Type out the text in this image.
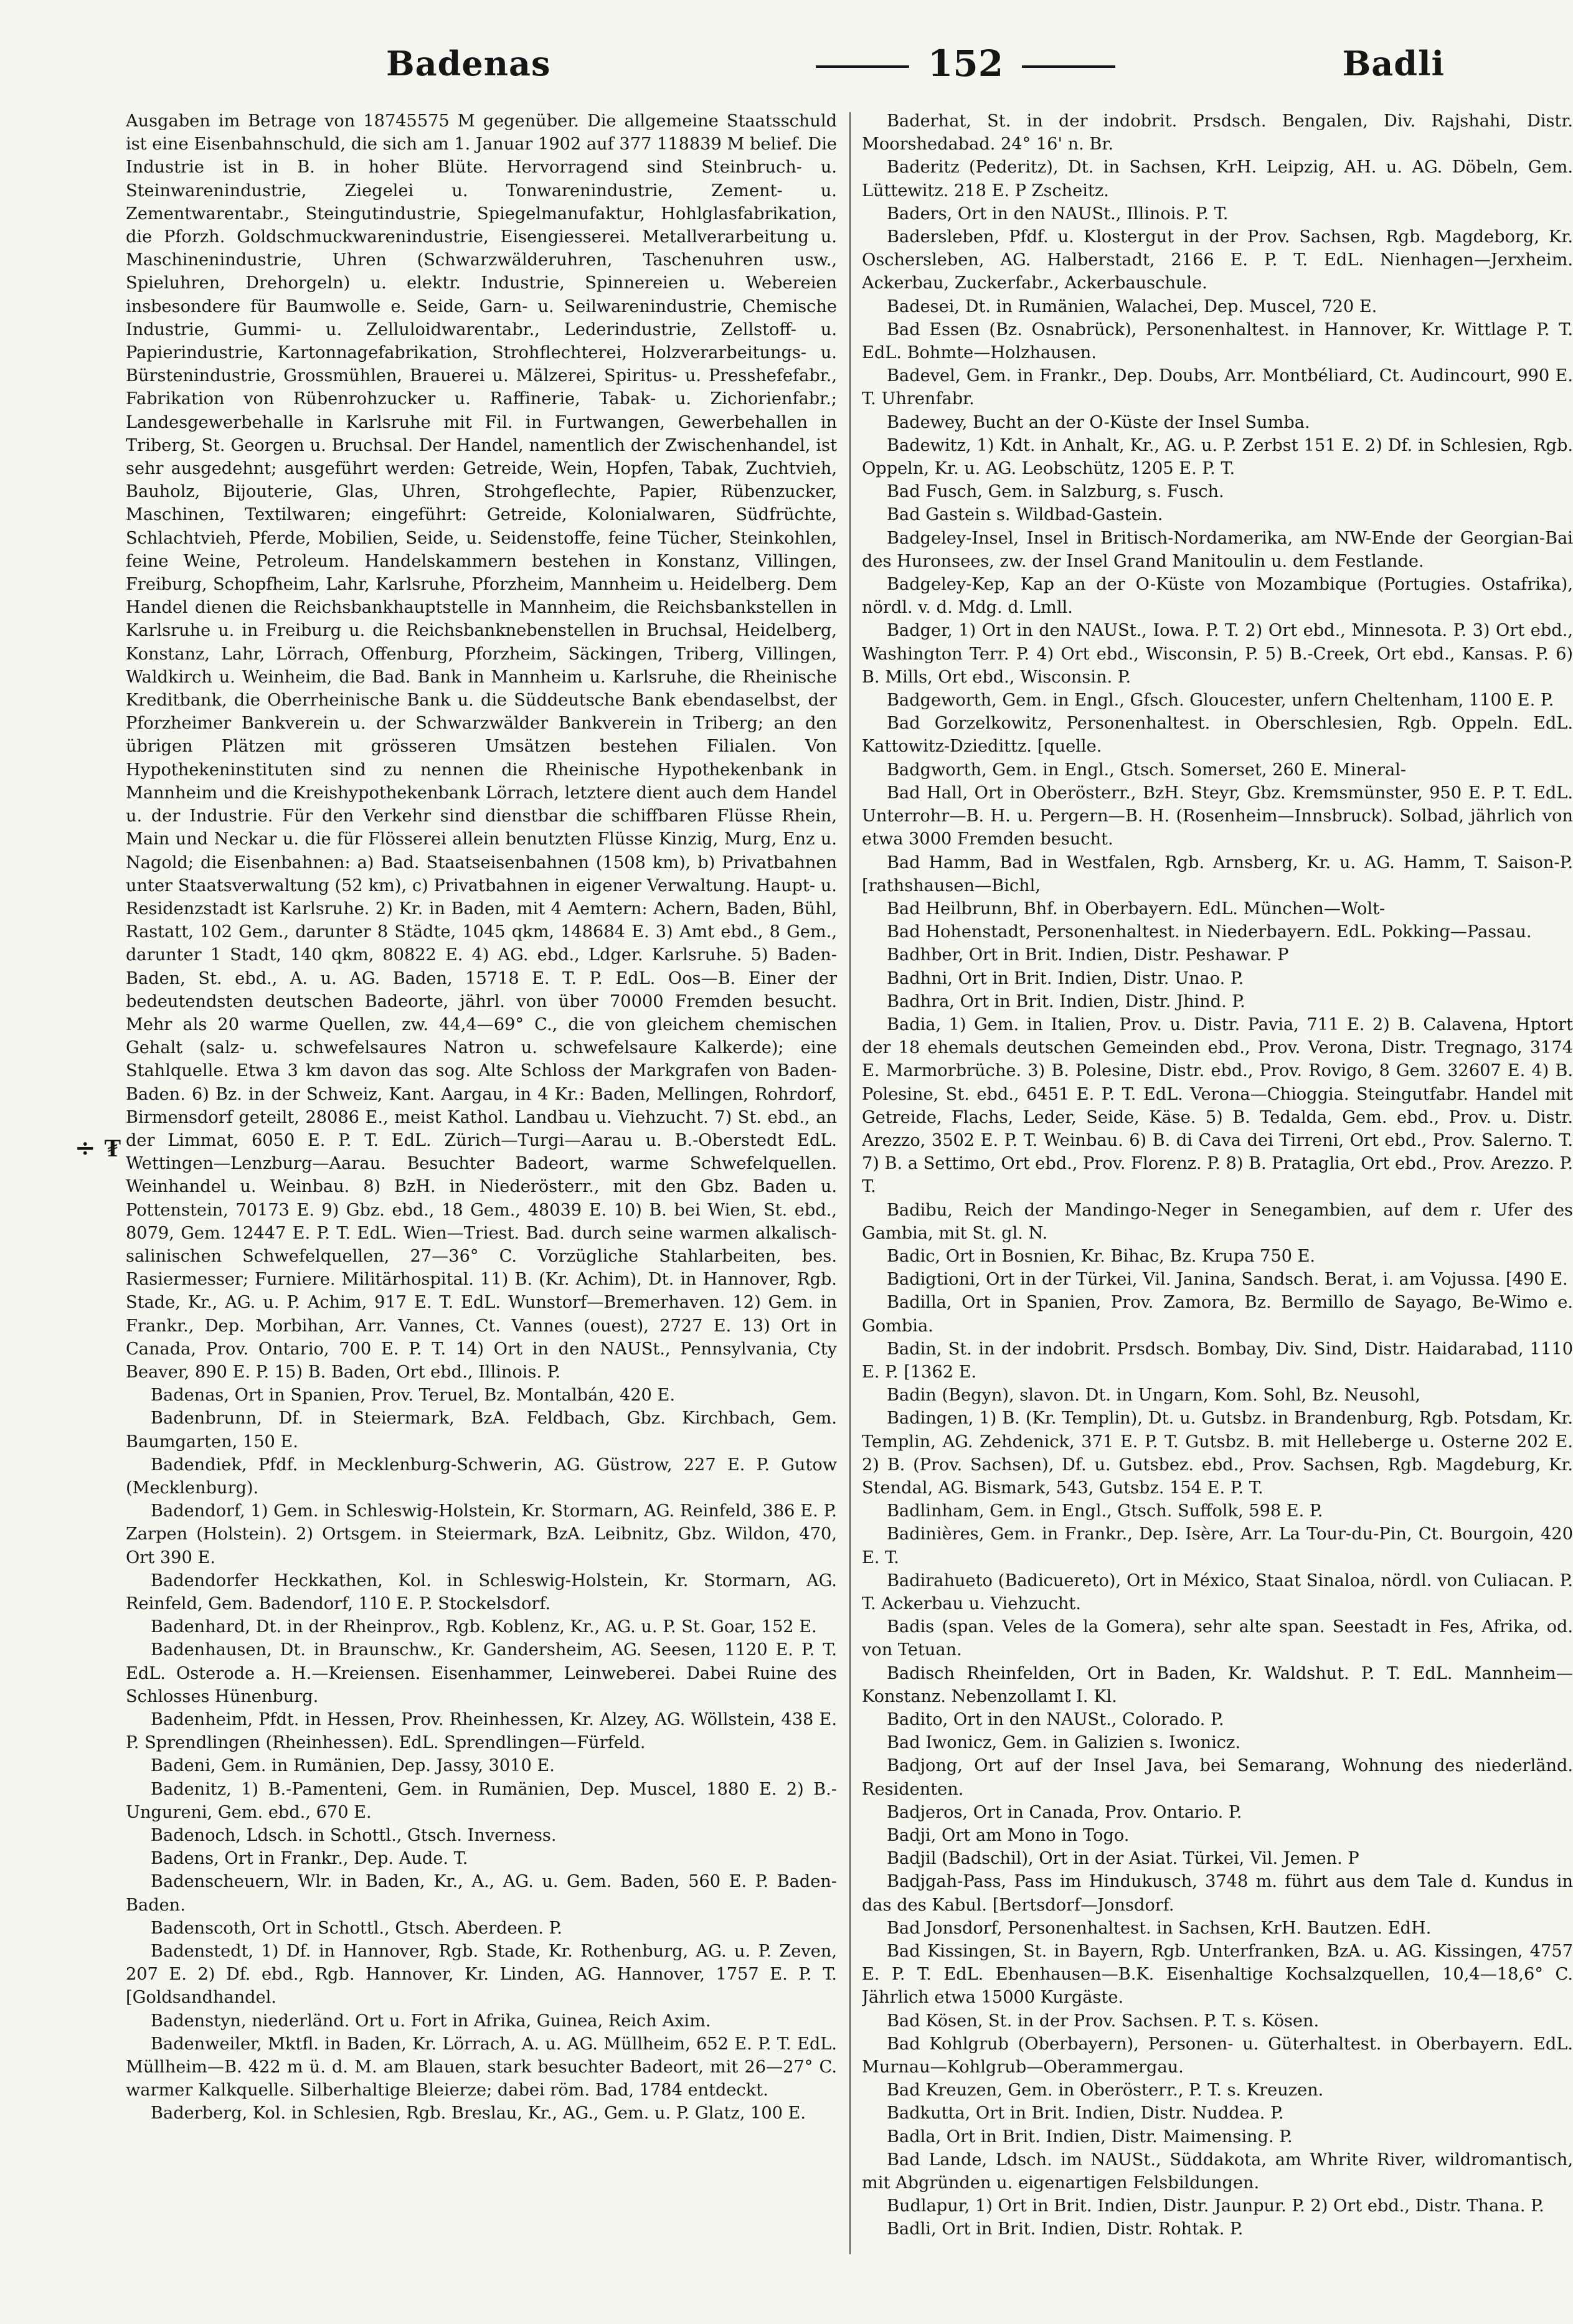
Badenas	152	Badli
÷ ₮

Ausgaben im Betrage von 18745575 M gegenüber. Die allgemeine Staatsschuld ist eine Eisenbahnschuld, die sich am 1. Januar 1902 auf 377 118839 M belief. Die Industrie ist in B. in hoher Blüte. Hervorragend sind Steinbruch- u. Steinwarenindustrie, Ziegelei u. Tonwarenindustrie, Zement- u. Zementwarentabr., Steingutindustrie, Spiegelmanufaktur, Hohlglasfabrikation, die Pforzh. Goldschmuckwarenindustrie, Eisengiesserei. Metallverarbeitung u. Maschinenindustrie, Uhren (Schwarzwälderuhren, Taschenuhren usw., Spieluhren, Drehorgeln) u. elektr. Industrie, Spinnereien u. Webereien insbesondere für Baumwolle e. Seide, Garn- u. Seilwarenindustrie, Chemische Industrie, Gummi- u. Zelluloidwarentabr., Lederindustrie, Zellstoff- u. Papierindustrie, Kartonnagefabrikation, Strohflechterei, Holzverarbeitungs- u. Bürstenindustrie, Grossmühlen, Brauerei u. Mälzerei, Spiritus- u. Presshefefabr., Fabrikation von Rübenrohzucker u. Raffinerie, Tabak- u. Zichorienfabr.; Landesgewerbehalle in Karlsruhe mit Fil. in Furtwangen, Gewerbehallen in Triberg, St. Georgen u. Bruchsal. Der Handel, namentlich der Zwischenhandel, ist sehr ausgedehnt; ausgeführt werden: Getreide, Wein, Hopfen, Tabak, Zuchtvieh, Bauholz, Bijouterie, Glas, Uhren, Strohgeflechte, Papier, Rübenzucker, Maschinen, Textilwaren; eingeführt: Getreide, Kolonialwaren, Südfrüchte, Schlachtvieh, Pferde, Mobilien, Seide, u. Seidenstoffe, feine Tücher, Steinkohlen, feine Weine, Petroleum. Handelskammern bestehen in Konstanz, Villingen, Freiburg, Schopfheim, Lahr, Karlsruhe, Pforzheim, Mannheim u. Heidelberg. Dem Handel dienen die Reichsbankhauptstelle in Mannheim, die Reichsbankstellen in Karlsruhe u. in Freiburg u. die Reichsbanknebenstellen in Bruchsal, Heidelberg, Konstanz, Lahr, Lörrach, Offenburg, Pforzheim, Säckingen, Triberg, Villingen, Waldkirch u. Weinheim, die Bad. Bank in Mannheim u. Karlsruhe, die Rheinische Kreditbank, die Oberrheinische Bank u. die Süddeutsche Bank ebendaselbst, der Pforzheimer Bankverein u. der Schwarzwälder Bankverein in Triberg; an den übrigen Plätzen mit grösseren Umsätzen bestehen Filialen. Von Hypothekeninstituten sind zu nennen die Rheinische Hypothekenbank in Mannheim und die Kreishypothekenbank Lörrach, letztere dient auch dem Handel u. der Industrie. Für den Verkehr sind dienstbar die schiffbaren Flüsse Rhein, Main und Neckar u. die für Flösserei allein benutzten Flüsse Kinzig, Murg, Enz u. Nagold; die Eisenbahnen: a) Bad. Staatseisenbahnen (1508 km), b) Privatbahnen unter Staatsverwaltung (52 km), c) Privatbahnen in eigener Verwaltung. Haupt- u. Residenzstadt ist Karlsruhe. 2) Kr. in Baden, mit 4 Aemtern: Achern, Baden, Bühl, Rastatt, 102 Gem., darunter 8 Städte, 1045 qkm, 148684 E. 3) Amt ebd., 8 Gem., darunter 1 Stadt, 140 qkm, 80822 E. 4) AG. ebd., Ldger. Karlsruhe. 5) Baden-Baden, St. ebd., A. u. AG. Baden, 15718 E. T. P. EdL. Oos—B. Einer der bedeutendsten deutschen Badeorte, jährl. von über 70000 Fremden besucht. Mehr als 20 warme Quellen, zw. 44,4—69° C., die von gleichem chemischen Gehalt (salz- u. schwefelsaures Natron u. schwefelsaure Kalkerde); eine Stahlquelle. Etwa 3 km davon das sog. Alte Schloss der Markgrafen von Baden-Baden. 6) Bz. in der Schweiz, Kant. Aargau, in 4 Kr.: Baden, Mellingen, Rohrdorf, Birmensdorf geteilt, 28086 E., meist Kathol. Landbau u. Viehzucht. 7) St. ebd., an der Limmat, 6050 E. P. T. EdL. Zürich—Turgi—Aarau u. B.-Oberstedt EdL. Wettingen—Lenzburg—Aarau. Besuchter Badeort, warme Schwefelquellen. Weinhandel u. Weinbau. 8) BzH. in Niederösterr., mit den Gbz. Baden u. Pottenstein, 70173 E. 9) Gbz. ebd., 18 Gem., 48039 E. 10) B. bei Wien, St. ebd., 8079, Gem. 12447 E. P. T. EdL. Wien—Triest. Bad. durch seine warmen alkalisch-salinischen Schwefelquellen, 27—36° C. Vorzügliche Stahlarbeiten, bes. Rasiermesser; Furniere. Militärhospital. 11) B. (Kr. Achim), Dt. in Hannover, Rgb. Stade, Kr., AG. u. P. Achim, 917 E. T. EdL. Wunstorf—Bremerhaven. 12) Gem. in Frankr., Dep. Morbihan, Arr. Vannes, Ct. Vannes (ouest), 2727 E. 13) Ort in Canada, Prov. Ontario, 700 E. P. T. 14) Ort in den NAUSt., Pennsylvania, Cty Beaver, 890 E. P. 15) B. Baden, Ort ebd., Illinois. P.

Badenas, Ort in Spanien, Prov. Teruel, Bz. Montalbán, 420 E.

Badenbrunn, Df. in Steiermark, BzA. Feldbach, Gbz. Kirchbach, Gem. Baumgarten, 150 E.

Badendiek, Pfdf. in Mecklenburg-Schwerin, AG. Güstrow, 227 E. P. Gutow (Mecklenburg).

Badendorf, 1) Gem. in Schleswig-Holstein, Kr. Stormarn, AG. Reinfeld, 386 E. P. Zarpen (Holstein). 2) Ortsgem. in Steiermark, BzA. Leibnitz, Gbz. Wildon, 470, Ort 390 E.

Badendorfer Heckkathen, Kol. in Schleswig-Holstein, Kr. Stormarn, AG. Reinfeld, Gem. Badendorf, 110 E. P. Stockelsdorf.

Badenhard, Dt. in der Rheinprov., Rgb. Koblenz, Kr., AG. u. P. St. Goar, 152 E.

Badenhausen, Dt. in Braunschw., Kr. Gandersheim, AG. Seesen, 1120 E. P. T. EdL. Osterode a. H.—Kreiensen. Eisenhammer, Leinweberei. Dabei Ruine des Schlosses Hünenburg.

Badenheim, Pfdt. in Hessen, Prov. Rheinhessen, Kr. Alzey, AG. Wöllstein, 438 E. P. Sprendlingen (Rheinhessen). EdL. Sprendlingen—Fürfeld.

Badeni, Gem. in Rumänien, Dep. Jassy, 3010 E.

Badenitz, 1) B.-Pamenteni, Gem. in Rumänien, Dep. Muscel, 1880 E. 2) B.-Ungureni, Gem. ebd., 670 E.

Badenoch, Ldsch. in Schottl., Gtsch. Inverness.

Badens, Ort in Frankr., Dep. Aude. T.

Badenscheuern, Wlr. in Baden, Kr., A., AG. u. Gem. Baden, 560 E. P. Baden-Baden.

Badenscoth, Ort in Schottl., Gtsch. Aberdeen. P.

Badenstedt, 1) Df. in Hannover, Rgb. Stade, Kr. Rothenburg, AG. u. P. Zeven, 207 E. 2) Df. ebd., Rgb. Hannover, Kr. Linden, AG. Hannover, 1757 E. P. T. [Goldsandhandel.

Badenstyn, niederländ. Ort u. Fort in Afrika, Guinea, Reich Axim.

Badenweiler, Mktfl. in Baden, Kr. Lörrach, A. u. AG. Müllheim, 652 E. P. T. EdL. Müllheim—B. 422 m ü. d. M. am Blauen, stark besuchter Badeort, mit 26—27° C. warmer Kalkquelle. Silberhaltige Bleierze; dabei röm. Bad, 1784 entdeckt.

Baderberg, Kol. in Schlesien, Rgb. Breslau, Kr., AG., Gem. u. P. Glatz, 100 E.

Baderhat, St. in der indobrit. Prsdsch. Bengalen, Div. Rajshahi, Distr. Moorshedabad. 24° 16' n. Br.

Baderitz (Pederitz), Dt. in Sachsen, KrH. Leipzig, AH. u. AG. Döbeln, Gem. Lüttewitz. 218 E. P Zscheitz.

Baders, Ort in den NAUSt., Illinois. P. T.

Badersleben, Pfdf. u. Klostergut in der Prov. Sachsen, Rgb. Magdeborg, Kr. Oschersleben, AG. Halberstadt, 2166 E. P. T. EdL. Nienhagen—Jerxheim. Ackerbau, Zuckerfabr., Ackerbauschule.

Badesei, Dt. in Rumänien, Walachei, Dep. Muscel, 720 E.

Bad Essen (Bz. Osnabrück), Personenhaltest. in Hannover, Kr. Wittlage P. T. EdL. Bohmte—Holzhausen.

Badevel, Gem. in Frankr., Dep. Doubs, Arr. Montbéliard, Ct. Audincourt, 990 E. T. Uhrenfabr.

Badewey, Bucht an der O-Küste der Insel Sumba.

Badewitz, 1) Kdt. in Anhalt, Kr., AG. u. P. Zerbst 151 E. 2) Df. in Schlesien, Rgb. Oppeln, Kr. u. AG. Leobschütz, 1205 E. P. T.

Bad Fusch, Gem. in Salzburg, s. Fusch.

Bad Gastein s. Wildbad-Gastein.

Badgeley-Insel, Insel in Britisch-Nordamerika, am NW-Ende der Georgian-Bai des Huronsees, zw. der Insel Grand Manitoulin u. dem Festlande.

Badgeley-Kep, Kap an der O-Küste von Mozambique (Portugies. Ostafrika), nördl. v. d. Mdg. d. Lmll.

Badger, 1) Ort in den NAUSt., Iowa. P. T. 2) Ort ebd., Minnesota. P. 3) Ort ebd., Washington Terr. P. 4) Ort ebd., Wisconsin, P. 5) B.-Creek, Ort ebd., Kansas. P. 6) B. Mills, Ort ebd., Wisconsin. P.

Badgeworth, Gem. in Engl., Gfsch. Gloucester, unfern Cheltenham, 1100 E. P.

Bad Gorzelkowitz, Personenhaltest. in Oberschlesien, Rgb. Oppeln. EdL. Kattowitz-Dziedittz. [quelle.

Badgworth, Gem. in Engl., Gtsch. Somerset, 260 E. Mineral-

Bad Hall, Ort in Oberösterr., BzH. Steyr, Gbz. Kremsmünster, 950 E. P. T. EdL. Unterrohr—B. H. u. Pergern—B. H. (Rosenheim—Innsbruck). Solbad, jährlich von etwa 3000 Fremden besucht.

Bad Hamm, Bad in Westfalen, Rgb. Arnsberg, Kr. u. AG. Hamm, T. Saison-P. [rathshausen—Bichl,

Bad Heilbrunn, Bhf. in Oberbayern. EdL. München—Wolt-

Bad Hohenstadt, Personenhaltest. in Niederbayern. EdL. Pokking—Passau.

Badhber, Ort in Brit. Indien, Distr. Peshawar. P

Badhni, Ort in Brit. Indien, Distr. Unao. P.

Badhra, Ort in Brit. Indien, Distr. Jhind. P.

Badia, 1) Gem. in Italien, Prov. u. Distr. Pavia, 711 E. 2) B. Calavena, Hptort der 18 ehemals deutschen Gemeinden ebd., Prov. Verona, Distr. Tregnago, 3174 E. Marmorbrüche. 3) B. Polesine, Distr. ebd., Prov. Rovigo, 8 Gem. 32607 E. 4) B. Polesine, St. ebd., 6451 E. P. T. EdL. Verona—Chioggia. Steingutfabr. Handel mit Getreide, Flachs, Leder, Seide, Käse. 5) B. Tedalda, Gem. ebd., Prov. u. Distr. Arezzo, 3502 E. P. T. Weinbau. 6) B. di Cava dei Tirreni, Ort ebd., Prov. Salerno. T. 7) B. a Settimo, Ort ebd., Prov. Florenz. P. 8) B. Prataglia, Ort ebd., Prov. Arezzo. P. T.

Badibu, Reich der Mandingo-Neger in Senegambien, auf dem r. Ufer des Gambia, mit St. gl. N.

Badic, Ort in Bosnien, Kr. Bihac, Bz. Krupa 750 E.

Badigtioni, Ort in der Türkei, Vil. Janina, Sandsch. Berat, i. am Vojussa. [490 E.

Badilla, Ort in Spanien, Prov. Zamora, Bz. Bermillo de Sayago, Be-Wimo e. Gombia.

Badin, St. in der indobrit. Prsdsch. Bombay, Div. Sind, Distr. Haidarabad, 1110 E. P. [1362 E.

Badin (Begyn), slavon. Dt. in Ungarn, Kom. Sohl, Bz. Neusohl,

Badingen, 1) B. (Kr. Templin), Dt. u. Gutsbz. in Brandenburg, Rgb. Potsdam, Kr. Templin, AG. Zehdenick, 371 E. P. T. Gutsbz. B. mit Helleberge u. Osterne 202 E. 2) B. (Prov. Sachsen), Df. u. Gutsbez. ebd., Prov. Sachsen, Rgb. Magdeburg, Kr. Stendal, AG. Bismark, 543, Gutsbz. 154 E. P. T.

Badlinham, Gem. in Engl., Gtsch. Suffolk, 598 E. P.

Badinières, Gem. in Frankr., Dep. Isère, Arr. La Tour-du-Pin, Ct. Bourgoin, 420 E. T.

Badirahueto (Badicuereto), Ort in México, Staat Sinaloa, nördl. von Culiacan. P. T. Ackerbau u. Viehzucht.

Badis (span. Veles de la Gomera), sehr alte span. Seestadt in Fes, Afrika, od. von Tetuan.

Badisch Rheinfelden, Ort in Baden, Kr. Waldshut. P. T. EdL. Mannheim—Konstanz. Nebenzollamt I. Kl.

Badito, Ort in den NAUSt., Colorado. P.

Bad Iwonicz, Gem. in Galizien s. Iwonicz.

Badjong, Ort auf der Insel Java, bei Semarang, Wohnung des niederländ. Residenten.

Badjeros, Ort in Canada, Prov. Ontario. P.

Badji, Ort am Mono in Togo.

Badjil (Badschil), Ort in der Asiat. Türkei, Vil. Jemen. P

Badjgah-Pass, Pass im Hindukusch, 3748 m. führt aus dem Tale d. Kundus in das des Kabul. [Bertsdorf—Jonsdorf.

Bad Jonsdorf, Personenhaltest. in Sachsen, KrH. Bautzen. EdH.

Bad Kissingen, St. in Bayern, Rgb. Unterfranken, BzA. u. AG. Kissingen, 4757 E. P. T. EdL. Ebenhausen—B.K. Eisenhaltige Kochsalzquellen, 10,4—18,6° C. Jährlich etwa 15000 Kurgäste.

Bad Kösen, St. in der Prov. Sachsen. P. T. s. Kösen.

Bad Kohlgrub (Oberbayern), Personen- u. Güterhaltest. in Oberbayern. EdL. Murnau—Kohlgrub—Oberammergau.

Bad Kreuzen, Gem. in Oberösterr., P. T. s. Kreuzen.

Badkutta, Ort in Brit. Indien, Distr. Nuddea. P.

Badla, Ort in Brit. Indien, Distr. Maimensing. P.

Bad Lande, Ldsch. im NAUSt., Süddakota, am Whrite River, wildromantisch, mit Abgründen u. eigenartigen Felsbildungen.

Budlapur, 1) Ort in Brit. Indien, Distr. Jaunpur. P. 2) Ort ebd., Distr. Thana. P.

Badli, Ort in Brit. Indien, Distr. Rohtak. P.
